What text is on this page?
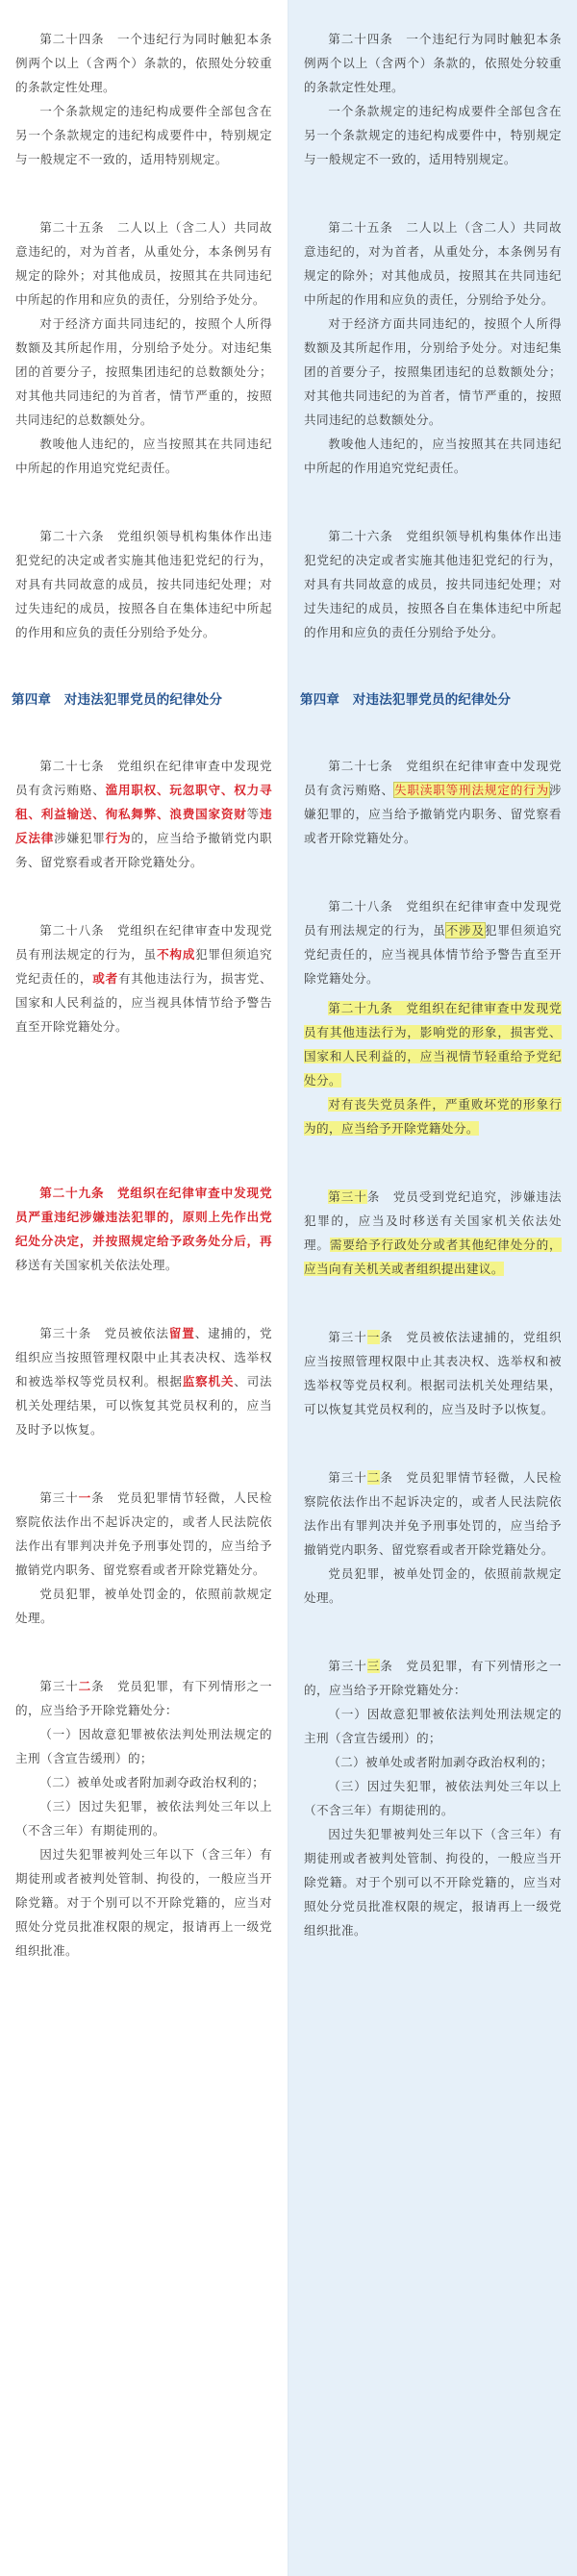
第二十四条　一个违纪行为同时触犯本条例两个以上（含两个）条款的，依照处分较重的条款定性处理。

一个条款规定的违纪构成要件全部包含在另一个条款规定的违纪构成要件中，特别规定与一般规定不一致的，适用特别规定。

第二十五条　二人以上（含二人）共同故意违纪的，对为首者，从重处分，本条例另有规定的除外；对其他成员，按照其在共同违纪中所起的作用和应负的责任，分别给予处分。

对于经济方面共同违纪的，按照个人所得数额及其所起作用，分别给予处分。对违纪集团的首要分子，按照集团违纪的总数额处分；对其他共同违纪的为首者，情节严重的，按照共同违纪的总数额处分。

教唆他人违纪的，应当按照其在共同违纪中所起的作用追究党纪责任。

第二十六条　党组织领导机构集体作出违犯党纪的决定或者实施其他违犯党纪的行为，对具有共同故意的成员，按共同违纪处理；对过失违纪的成员，按照各自在集体违纪中所起的作用和应负的责任分别给予处分。

第四章　对违法犯罪党员的纪律处分

第二十七条　党组织在纪律审查中发现党员有贪污贿赂、滥用职权、玩忽职守、权力寻租、利益输送、徇私舞弊、浪费国家资财等违反法律涉嫌犯罪行为的，应当给予撤销党内职务、留党察看或者开除党籍处分。

第二十八条　党组织在纪律审查中发现党员有刑法规定的行为，虽不构成犯罪但须追究党纪责任的，或者有其他违法行为，损害党、国家和人民利益的，应当视具体情节给予警告直至开除党籍处分。

第二十九条　党组织在纪律审查中发现党员严重违纪涉嫌违法犯罪的，原则上先作出党纪处分决定，并按照规定给予政务处分后，再移送有关国家机关依法处理。

第三十条　党员被依法留置、逮捕的，党组织应当按照管理权限中止其表决权、选举权和被选举权等党员权利。根据监察机关、司法机关处理结果，可以恢复其党员权利的，应当及时予以恢复。

第三十一条　党员犯罪情节轻微，人民检察院依法作出不起诉决定的，或者人民法院依法作出有罪判决并免予刑事处罚的，应当给予撤销党内职务、留党察看或者开除党籍处分。

党员犯罪，被单处罚金的，依照前款规定处理。

第三十二条　党员犯罪，有下列情形之一的，应当给予开除党籍处分：

（一）因故意犯罪被依法判处刑法规定的主刑（含宣告缓刑）的；

（二）被单处或者附加剥夺政治权利的；

（三）因过失犯罪，被依法判处三年以上（不含三年）有期徒刑的。

因过失犯罪被判处三年以下（含三年）有期徒刑或者被判处管制、拘役的，一般应当开除党籍。对于个别可以不开除党籍的，应当对照处分党员批准权限的规定，报请再上一级党组织批准。

第二十四条　一个违纪行为同时触犯本条例两个以上（含两个）条款的，依照处分较重的条款定性处理。

一个条款规定的违纪构成要件全部包含在另一个条款规定的违纪构成要件中，特别规定与一般规定不一致的，适用特别规定。

第二十五条　二人以上（含二人）共同故意违纪的，对为首者，从重处分，本条例另有规定的除外；对其他成员，按照其在共同违纪中所起的作用和应负的责任，分别给予处分。

对于经济方面共同违纪的，按照个人所得数额及其所起作用，分别给予处分。对违纪集团的首要分子，按照集团违纪的总数额处分；对其他共同违纪的为首者，情节严重的，按照共同违纪的总数额处分。

教唆他人违纪的，应当按照其在共同违纪中所起的作用追究党纪责任。

第二十六条　党组织领导机构集体作出违犯党纪的决定或者实施其他违犯党纪的行为，对具有共同故意的成员，按共同违纪处理；对过失违纪的成员，按照各自在集体违纪中所起的作用和应负的责任分别给予处分。

第四章　对违法犯罪党员的纪律处分

第二十七条　党组织在纪律审查中发现党员有贪污贿赂、失职渎职等刑法规定的行为涉嫌犯罪的，应当给予撤销党内职务、留党察看或者开除党籍处分。

第二十八条　党组织在纪律审查中发现党员有刑法规定的行为，虽不涉及犯罪但须追究党纪责任的，应当视具体情节给予警告直至开除党籍处分。

第二十九条　党组织在纪律审查中发现党员有其他违法行为，影响党的形象，损害党、国家和人民利益的，应当视情节轻重给予党纪处分。

对有丧失党员条件，严重败坏党的形象行为的，应当给予开除党籍处分。

第三十条　党员受到党纪追究，涉嫌违法犯罪的，应当及时移送有关国家机关依法处理。需要给予行政处分或者其他纪律处分的，应当向有关机关或者组织提出建议。

第三十一条　党员被依法逮捕的，党组织应当按照管理权限中止其表决权、选举权和被选举权等党员权利。根据司法机关处理结果，可以恢复其党员权利的，应当及时予以恢复。

第三十二条　党员犯罪情节轻微，人民检察院依法作出不起诉决定的，或者人民法院依法作出有罪判决并免予刑事处罚的，应当给予撤销党内职务、留党察看或者开除党籍处分。

党员犯罪，被单处罚金的，依照前款规定处理。

第三十三条　党员犯罪，有下列情形之一的，应当给予开除党籍处分：

（一）因故意犯罪被依法判处刑法规定的主刑（含宣告缓刑）的；

（二）被单处或者附加剥夺政治权利的；

（三）因过失犯罪，被依法判处三年以上（不含三年）有期徒刑的。

因过失犯罪被判处三年以下（含三年）有期徒刑或者被判处管制、拘役的，一般应当开除党籍。对于个别可以不开除党籍的，应当对照处分党员批准权限的规定，报请再上一级党组织批准。
